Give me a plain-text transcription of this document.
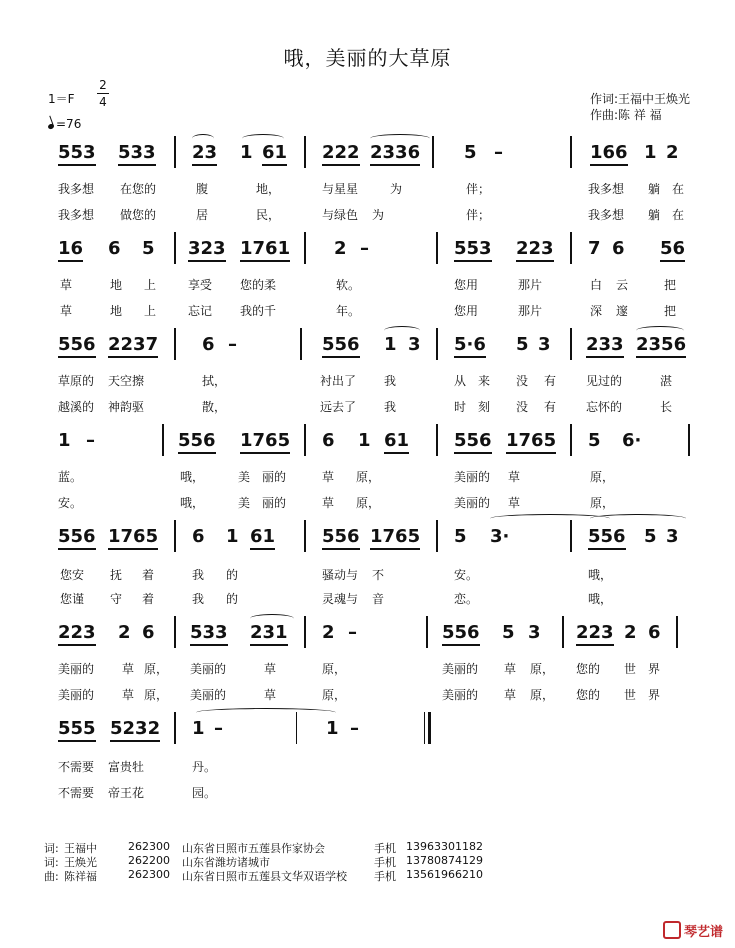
哦，美丽的大草原
1＝F
2
4
=76
作词:王福中王焕光
作曲:陈 祥 福
553 533 23 1 61 222 2336 5 –	166 1 2
我多想 在您的	腹	地，	与星星	为	伴；	我多想 躺 在
我多想 做您的	居	民，	与绿色 为	伴；	我多想 躺 在
16 6 5 323 1761 2 –	553 223 7 6 56
草	地 上	享受 您的柔	软。	您用	那片	白 云	把
草	地 上	忘记 我的千	年。	您用	那片	深 邃	把
556 2237 6 –	556 1 3 5·6 5 3 233 2356
草原的 天空擦	拭，	衬出了 我	从 来 没 有 见过的	湛
越溪的 神韵驱	散，	远去了 我	时 刻 没 有 忘怀的	长
1 –	556 1765 6 1 61 556 1765 5 6·
蓝。	哦，	美 丽的	草 原，	美丽的 草	原，
安。	哦，	美 丽的	草 原，	美丽的 草	原，
556 1765 6 1 61	556 1765 5 3·	556 5 3
您安 抚 着	我 的	骚动与 不	安。	哦，
您谨 守 着	我 的	灵魂与 音	恋。	哦，
223 2 6 533 231 2 –	556 5 3 223 2 6
美丽的 草 原， 美丽的	草	原，	美丽的 草 原， 您的 世 界
美丽的 草 原， 美丽的	草	原，	美丽的 草 原， 您的 世 界
555 5232 1 –	1 –
不需要 富贵牡	丹。
不需要 帝王花	园。
词: 王福中	262300 山东省日照市五莲县作家协会	手机 13963301182
词: 王焕光	262200 山东省潍坊诸城市	手机 13780874129
曲: 陈祥福	262300 山东省日照市五莲县文华双语学校 手机 13561966210
琴艺谱
